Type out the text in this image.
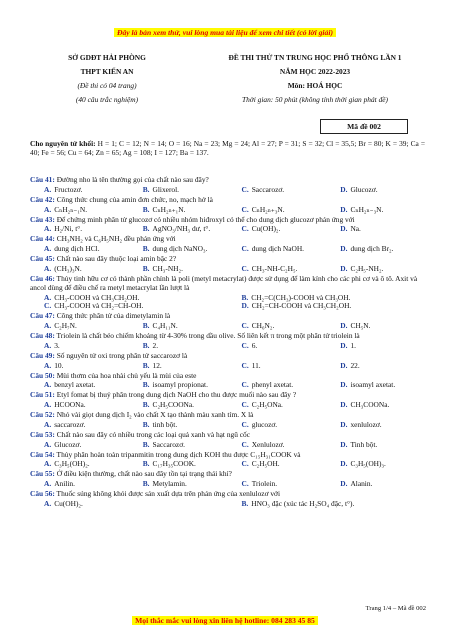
Đây là bản xem thử, vui lòng mua tài liệu để xem chi tiết (có lời giải)
SỞ GDĐT HẢI PHÒNG
THPT KIẾN AN
(Đề thi có 04 trang)
(40 câu trắc nghiệm)
ĐỀ THI THỬ TN TRUNG HỌC PHỔ THÔNG LẦN 1
NĂM HỌC 2022-2023
Môn: HOÁ HỌC
Thời gian: 50 phút (không tính thời gian phát đề)
Mã đề 002
Cho nguyên tử khối: H = 1; C = 12; N = 14; O = 16; Na = 23; Mg = 24; Al = 27; P = 31; S = 32; Cl = 35,5; Br = 80; K = 39; Ca = 40; Fe = 56; Cu = 64; Zn = 65; Ag = 108; I = 127; Ba = 137.
Câu 41: Đường nho là tên thường gọi của chất nào sau đây?
A. Fructozơ.	B. Glixerol.	C. Saccarozơ.	D. Glucozơ.
Câu 42: Công thức chung của amin đơn chức, no, mạch hở là
A. CₙH₂ₙ₋₁N.	B. CₙH₂ₙ₊₁N.	C. CₙH₂ₙ₊₃N.	D. CₙH₂ₙ₋₃N.
Câu 43: Để chứng minh phân tử glucozơ có nhiều nhóm hiđroxyl có thể cho dung dịch glucozơ phản ứng với
A. H₂/Ni, t°.	B. AgNO₃/NH₃ dư, t°.	C. Cu(OH)₂.	D. Na.
Câu 44: CH₃NH₂ và C₆H₅NH₂ đều phản ứng với
A. dung dịch HCl.	B. dung dịch NaNO₃.	C. dung dịch NaOH.	D. dung dịch Br₂.
Câu 45: Chất nào sau đây thuộc loại amin bậc 2?
A. (CH₃)₃N.	B. CH₃-NH₂.	C. CH₃-NH-C₂H₅.	D. C₂H₅-NH₂.
Câu 46: Thủy tinh hữu cơ có thành phần chính là poli (metyl metacrylat) được sử dụng để làm kính cho các phi cơ và ô tô. Axit và ancol dùng để điều chế ra metyl metacrylat lần lượt là
A. CH₃-COOH và CH₃CH₂OH.	B. CH₂=C(CH₃)-COOH và CH₃OH.
C. CH₃-COOH và CH₂=CH-OH.	D. CH₂=CH-COOH và CH₃CH₂OH.
Câu 47: Công thức phân tử của dimetylamin là
A. C₂H₇N.	B. C₄H₁₁N.	C. CH₆N₂.	D. CH₅N.
Câu 48: Triolein là chất béo chiếm khoảng từ 4-30% trong dầu olive. Số liên kết π trong một phân tử triolein là
A. 3.	B. 2.	C. 6.	D. 1.
Câu 49: Số nguyên tử oxi trong phân tử saccarozơ là
A. 10.	B. 12.	C. 11.	D. 22.
Câu 50: Mùi thơm của hoa nhài chủ yếu là mùi của este
A. benzyl axetat.	B. isoamyl propionat.	C. phenyl axetat.	D. isoamyl axetat.
Câu 51: Etyl fomat bị thuỷ phân trong dung dịch NaOH cho thu được muối nào sau đây ?
A. HCOONa.	B. C₂H₅COONa.	C. C₂H₅ONa.	D. CH₃COONa.
Câu 52: Nhỏ vài giọt dung dịch I₂ vào chất X tạo thành màu xanh tím. X là
A. saccarozơ.	B. tinh bột.	C. glucozơ.	D. xenlulozơ.
Câu 53: Chất nào sau đây có nhiều trong các loại quả xanh và hạt ngũ cốc
A. Glucozơ.	B. Saccarozơ.	C. Xenlulozơ.	D. Tinh bột.
Câu 54: Thủy phân hoàn toàn tripanmitin trong dung dịch KOH thu được C₁₅H₃₁COOK và
A. C₃H₅(OH)₂.	B. C₁₇H₃₅COOK.	C. C₂H₅OH.	D. C₃H₅(OH)₃.
Câu 55: Ở điều kiện thường, chất nào sau đây tồn tại trạng thái khí?
A. Anilin.	B. Metylamin.	C. Triolein.	D. Alanin.
Câu 56: Thuốc súng không khói được sản xuất dựa trên phản ứng của xenlulozơ với
A. Cu(OH)₂.	B. HNO₃ đặc (xúc tác H₂SO₄ đặc, t°).
Trang 1/4 – Mã đề 002
Mọi thắc mắc vui lòng xin liên hệ hotline: 084 283 45 85
